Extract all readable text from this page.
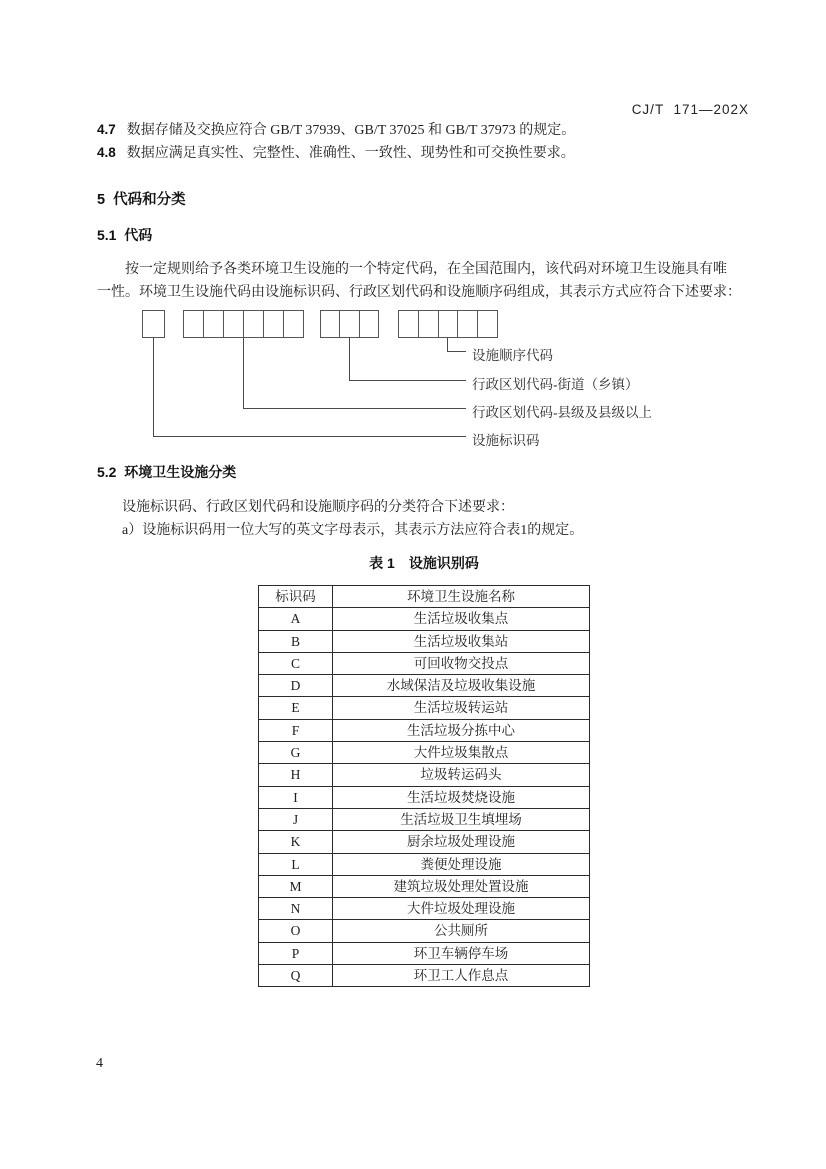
CJ/T  171—202X
4.7 数据存储及交换应符合 GB/T 37939、GB/T 37025 和 GB/T 37973 的规定。
4.8 数据应满足真实性、完整性、准确性、一致性、现势性和可交换性要求。
5  代码和分类
5.1  代码
按一定规则给予各类环境卫生设施的一个特定代码，在全国范围内，该代码对环境卫生设施具有唯
一性。环境卫生设施代码由设施标识码、行政区划代码和设施顺序码组成，其表示方式应符合下述要求：
设施顺序代码
行政区划代码-街道（乡镇）
行政区划代码-县级及县级以上
设施标识码
5.2  环境卫生设施分类
设施标识码、行政区划代码和设施顺序码的分类符合下述要求：
a）设施标识码用一位大写的英文字母表示，其表示方法应符合表1的规定。
表 1　设施识别码
标识码	环境卫生设施名称
A	生活垃圾收集点
B	生活垃圾收集站
C	可回收物交投点
D	水域保洁及垃圾收集设施
E	生活垃圾转运站
F	生活垃圾分拣中心
G	大件垃圾集散点
H	垃圾转运码头
I	生活垃圾焚烧设施
J	生活垃圾卫生填埋场
K	厨余垃圾处理设施
L	粪便处理设施
M	建筑垃圾处理处置设施
N	大件垃圾处理设施
O	公共厕所
P	环卫车辆停车场
Q	环卫工人作息点
4
